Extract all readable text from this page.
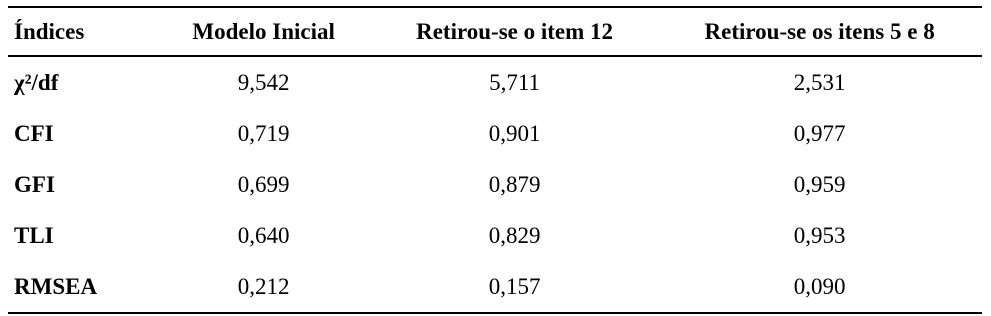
Índices	Modelo Inicial	Retirou-se o item 12	Retirou-se os itens 5 e 8
χ²/df	9,542	5,711	2,531
CFI	0,719	0,901	0,977
GFI	0,699	0,879	0,959
TLI	0,640	0,829	0,953
RMSEA	0,212	0,157	0,090
